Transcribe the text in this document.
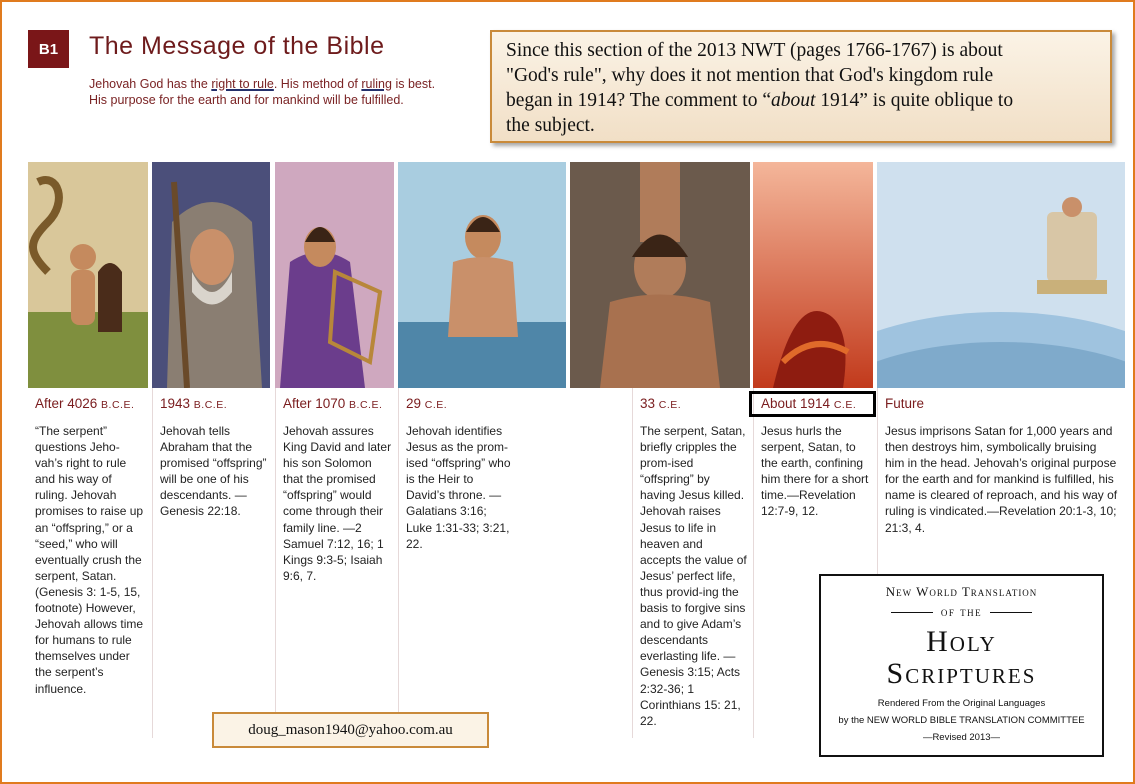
B1	The Message of the Bible
Jehovah God has the right to rule. His method of ruling is best.
His purpose for the earth and for mankind will be fulfilled.
Since this section of the 2013 NWT (pages 1766-1767) is about
"God's rule", why does it not mention that God's kingdom rule
began in 1914? The comment to “about 1914” is quite oblique to
the subject.
After 4026 B.C.E.
“The serpent” questions Jeho-vah’s right to rule and his way of ruling. Jehovah promises to raise up an “offspring,” or a “seed,” who will eventually crush the serpent, Satan. (Genesis 3: 1-5, 15, footnote) However, Jehovah allows time for humans to rule themselves under the serpent’s influence.
1943 B.C.E.
Jehovah tells Abraham that the promised “offspring” will be one of his descendants. —Genesis 22:18.
After 1070 B.C.E.
Jehovah assures King David and later his son Solomon that the promised “offspring” would come through their family line. —2 Samuel 7:12, 16; 1 Kings 9:3-5; Isaiah 9:6, 7.
29 C.E.
Jehovah identifies Jesus as the prom-ised “offspring” who is the Heir to David’s throne. —Galatians 3:16; Luke 1:31-33; 3:21, 22.
33 C.E.
The serpent, Satan, briefly cripples the prom-ised “offspring” by having Jesus killed. Jehovah raises Jesus to life in heaven and accepts the value of Jesus’ perfect life, thus provid-ing the basis to forgive sins and to give Adam’s descendants everlasting life. —Genesis 3:15; Acts 2:32-36; 1 Corinthians 15: 21, 22.
About 1914 C.E.
Jesus hurls the serpent, Satan, to the earth, confining him there for a short time.—Revelation 12:7-9, 12.
Future
Jesus imprisons Satan for 1,000 years and then destroys him, symbolically bruising him in the head. Jehovah’s original purpose for the earth and for mankind is fulfilled, his name is cleared of reproach, and his way of ruling is vindicated.—Revelation 20:1-3, 10; 21:3, 4.
doug_mason1940@yahoo.com.au
New World Translation
of the
Holy
Scriptures
Rendered From the Original Languages
by the NEW WORLD BIBLE TRANSLATION COMMITTEE
—Revised 2013—
